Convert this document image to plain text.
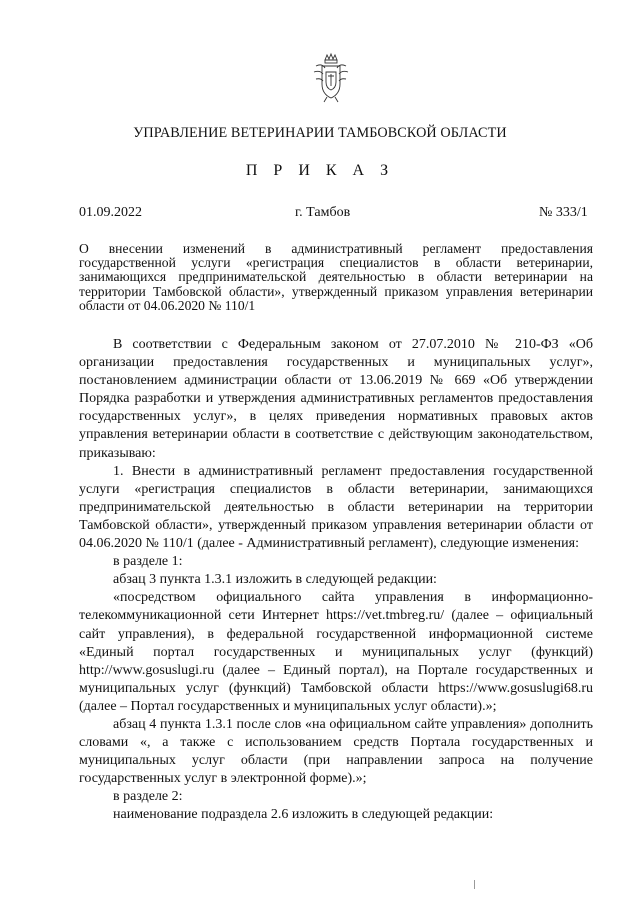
УПРАВЛЕНИЕ ВЕТЕРИНАРИИ ТАМБОВСКОЙ ОБЛАСТИ
П Р И К А З
01.09.2022	г. Тамбов	№ 333/1
О внесении изменений в административный регламент предоставления государственной услуги «регистрация специалистов в области ветеринарии, занимающихся предпринимательской деятельностью в области ветеринарии на территории Тамбовской области», утвержденный приказом управления ветеринарии области от 04.06.2020 № 110/1

В соответствии с Федеральным законом от 27.07.2010 № 210-ФЗ «Об организации предоставления государственных и муниципальных услуг», постановлением администрации области от 13.06.2019 № 669 «Об утверждении Порядка разработки и утверждения административных регламентов предоставления государственных услуг», в целях приведения нормативных правовых актов управления ветеринарии области в соответствие с действующим законодательством, приказываю:

1. Внести в административный регламент предоставления государственной услуги «регистрация специалистов в области ветеринарии, занимающихся предпринимательской деятельностью в области ветеринарии на территории Тамбовской области», утвержденный приказом управления ветеринарии области от 04.06.2020 № 110/1 (далее - Административный регламент), следующие изменения:

в разделе 1:

абзац 3 пункта 1.3.1 изложить в следующей редакции:

«посредством официального сайта управления в информационно-телекоммуникационной сети Интернет https://vet.tmbreg.ru/ (далее – официальный сайт управления), в федеральной государственной информационной системе «Единый портал государственных и муниципальных услуг (функций) http://www.gosuslugi.ru (далее – Единый портал), на Портале государственных и муниципальных услуг (функций) Тамбовской области https://www.gosuslugi68.ru (далее – Портал государственных и муниципальных услуг области).»;

абзац 4 пункта 1.3.1 после слов «на официальном сайте управления» дополнить словами «, а также с использованием средств Портала государственных и муниципальных услуг области (при направлении запроса на получение государственных услуг в электронной форме).»;

в разделе 2:

наименование подраздела 2.6 изложить в следующей редакции:
